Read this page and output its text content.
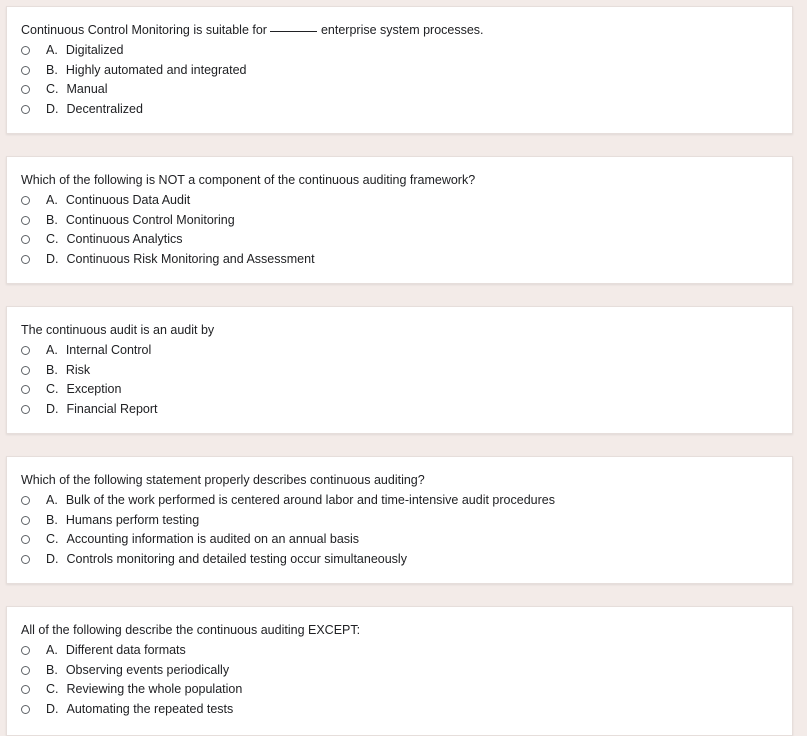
Continuous Control Monitoring is suitable for	enterprise system processes.
A. Digitalized
B. Highly automated and integrated
C. Manual
D. Decentralized
Which of the following is NOT a component of the continuous auditing framework?
A. Continuous Data Audit
B. Continuous Control Monitoring
C. Continuous Analytics
D. Continuous Risk Monitoring and Assessment
The continuous audit is an audit by
A. Internal Control
B. Risk
C. Exception
D. Financial Report
Which of the following statement properly describes continuous auditing?
A. Bulk of the work performed is centered around labor and time-intensive audit procedures
B. Humans perform testing
C. Accounting information is audited on an annual basis
D. Controls monitoring and detailed testing occur simultaneously
All of the following describe the continuous auditing EXCEPT:
A. Different data formats
B. Observing events periodically
C. Reviewing the whole population
D. Automating the repeated tests
